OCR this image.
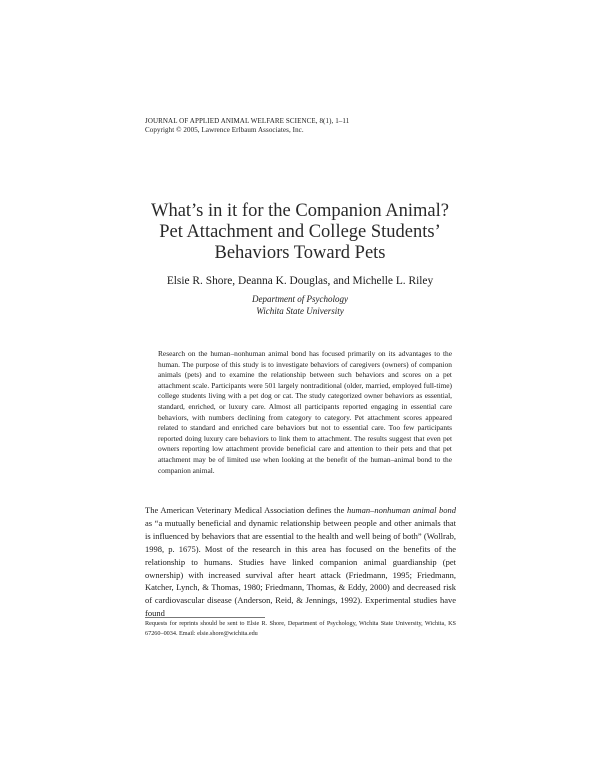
JOURNAL OF APPLIED ANIMAL WELFARE SCIENCE, 8(1), 1–11
Copyright © 2005, Lawrence Erlbaum Associates, Inc.
What’s in it for the Companion Animal?
Pet Attachment and College Students’
Behaviors Toward Pets
Elsie R. Shore, Deanna K. Douglas, and Michelle L. Riley
Department of Psychology
Wichita State University

Research on the human–nonhuman animal bond has focused primarily on its advantages to the human. The purpose of this study is to investigate behaviors of caregivers (owners) of companion animals (pets) and to examine the relationship between such behaviors and scores on a pet attachment scale. Participants were 501 largely nontraditional (older, married, employed full-time) college students living with a pet dog or cat. The study categorized owner behaviors as essential, standard, enriched, or luxury care. Almost all participants reported engaging in essential care behaviors, with numbers declining from category to category. Pet attachment scores appeared related to standard and enriched care behaviors but not to essential care. Too few participants reported doing luxury care behaviors to link them to attachment. The results suggest that even pet owners reporting low attachment provide beneficial care and attention to their pets and that pet attachment may be of limited use when looking at the benefit of the human–animal bond to the companion animal.

The American Veterinary Medical Association defines the human–nonhuman animal bond as “a mutually beneficial and dynamic relationship between people and other animals that is influenced by behaviors that are essential to the health and well being of both” (Wollrab, 1998, p. 1675). Most of the research in this area has focused on the benefits of the relationship to humans. Studies have linked companion animal guardianship (pet ownership) with increased survival after heart attack (Friedmann, 1995; Friedmann, Katcher, Lynch, & Thomas, 1980; Friedmann, Thomas, & Eddy, 2000) and decreased risk of cardiovascular disease (Anderson, Reid, & Jennings, 1992). Experimental studies have found

Requests for reprints should be sent to Elsie R. Shore, Department of Psychology, Wichita State University, Wichita, KS 67260–0034. Email: elsie.shore@wichita.edu
